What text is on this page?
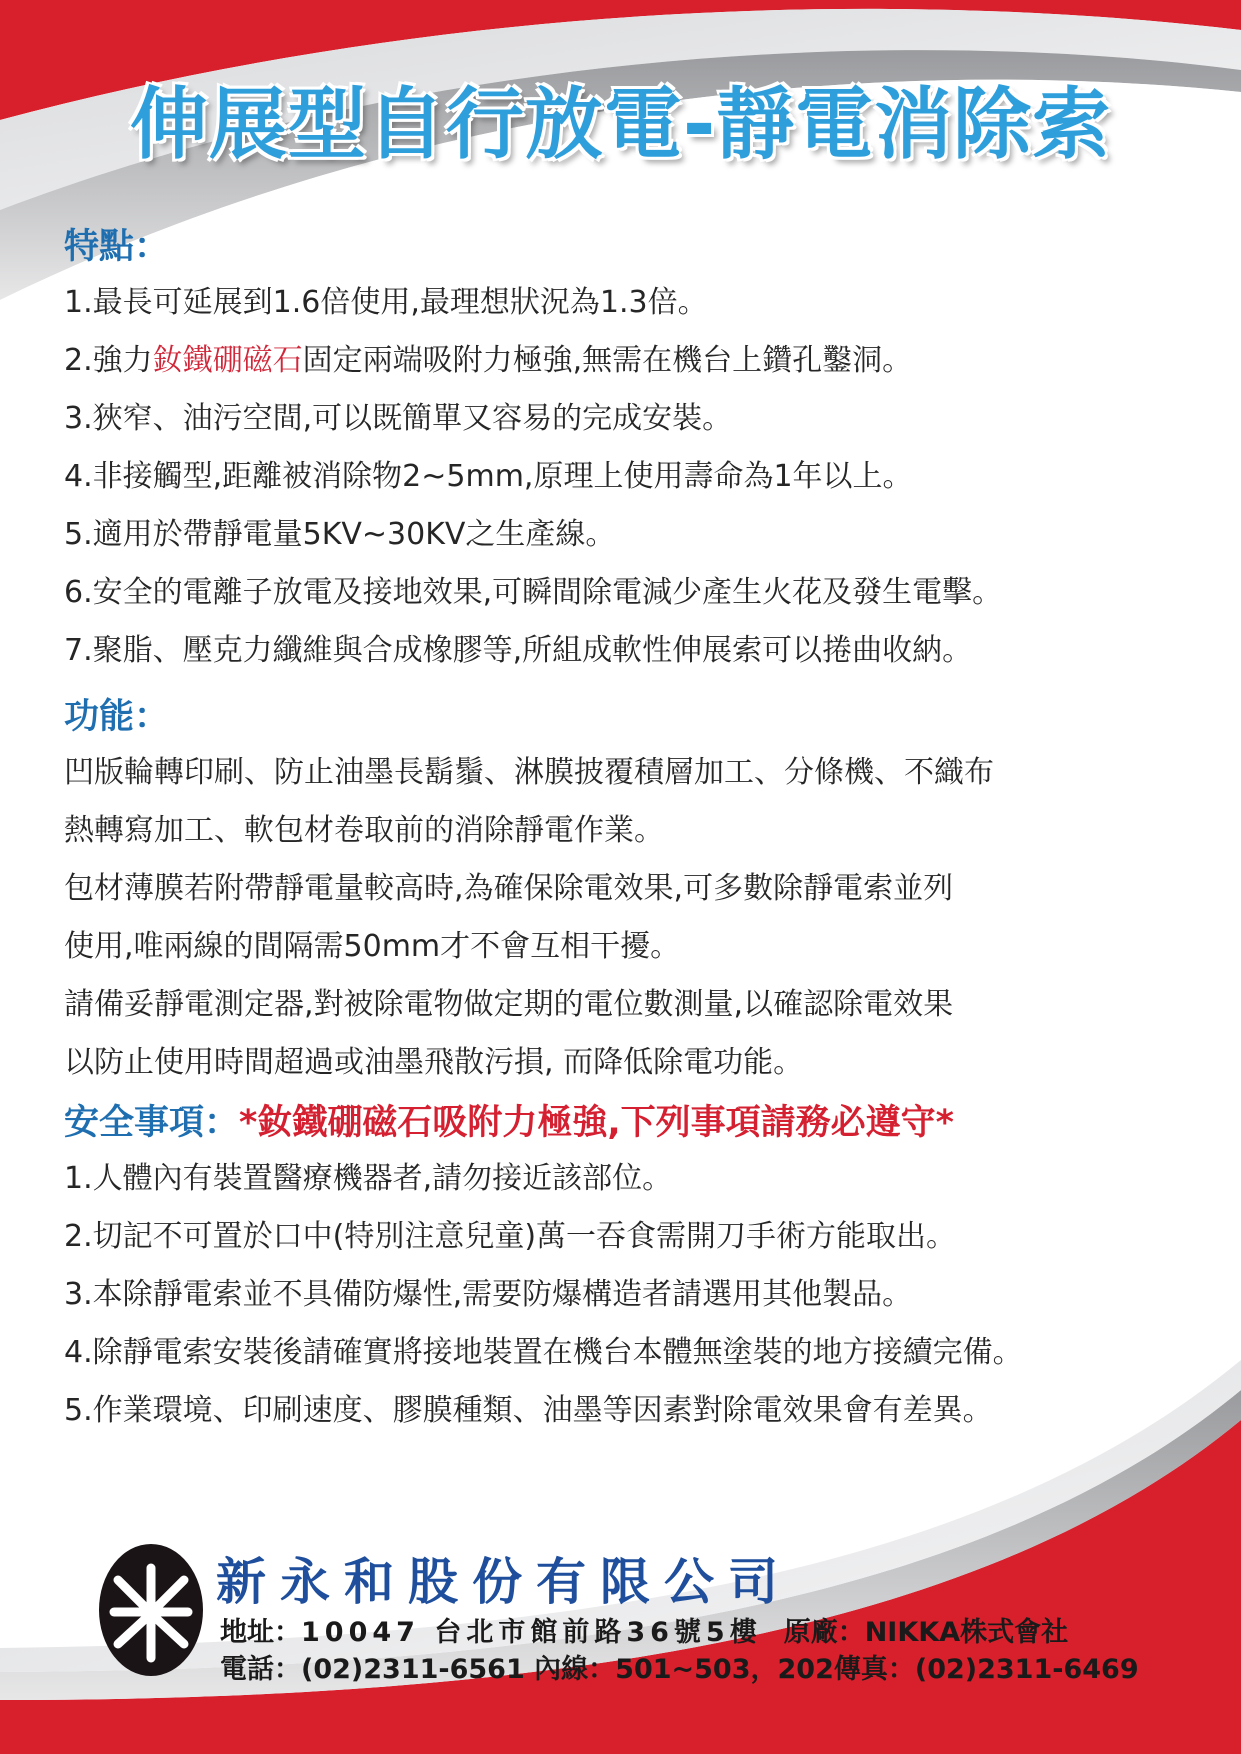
伸展型自行放電-靜電消除索
特點：
1.最長可延展到1.6倍使用,最理想狀況為1.3倍。
2.強力釹鐵硼磁石固定兩端吸附力極強,無需在機台上鑽孔鑿洞。
3.狹窄、油污空間,可以既簡單又容易的完成安裝。
4.非接觸型,距離被消除物2~5mm,原理上使用壽命為1年以上。
5.適用於帶靜電量5KV~30KV之生產線。
6.安全的電離子放電及接地效果,可瞬間除電減少產生火花及發生電擊。
7.聚脂、壓克力纖維與合成橡膠等,所組成軟性伸展索可以捲曲收納。
功能：
凹版輪轉印刷、防止油墨長鬍鬚、淋膜披覆積層加工、分條機、不織布
熱轉寫加工、軟包材卷取前的消除靜電作業。
包材薄膜若附帶靜電量較高時,為確保除電效果,可多數除靜電索並列
使用,唯兩線的間隔需50mm才不會互相干擾。
請備妥靜電測定器,對被除電物做定期的電位數測量,以確認除電效果
以防止使用時間超過或油墨飛散污損, 而降低除電功能。
安全事項：*釹鐵硼磁石吸附力極強,下列事項請務必遵守*
1.人體內有裝置醫療機器者,請勿接近該部位。
2.切記不可置於口中(特別注意兒童)萬一吞食需開刀手術方能取出。
3.本除靜電索並不具備防爆性,需要防爆構造者請選用其他製品。
4.除靜電索安裝後請確實將接地裝置在機台本體無塗裝的地方接續完備。
5.作業環境、印刷速度、膠膜種類、油墨等因素對除電效果會有差異。
新永和股份有限公司
地址：10047 台北市館前路36號5樓 原廠：NIKKA株式會社
電話：(02)2311-6561 內線：501~503，202傳真：(02)2311-6469
